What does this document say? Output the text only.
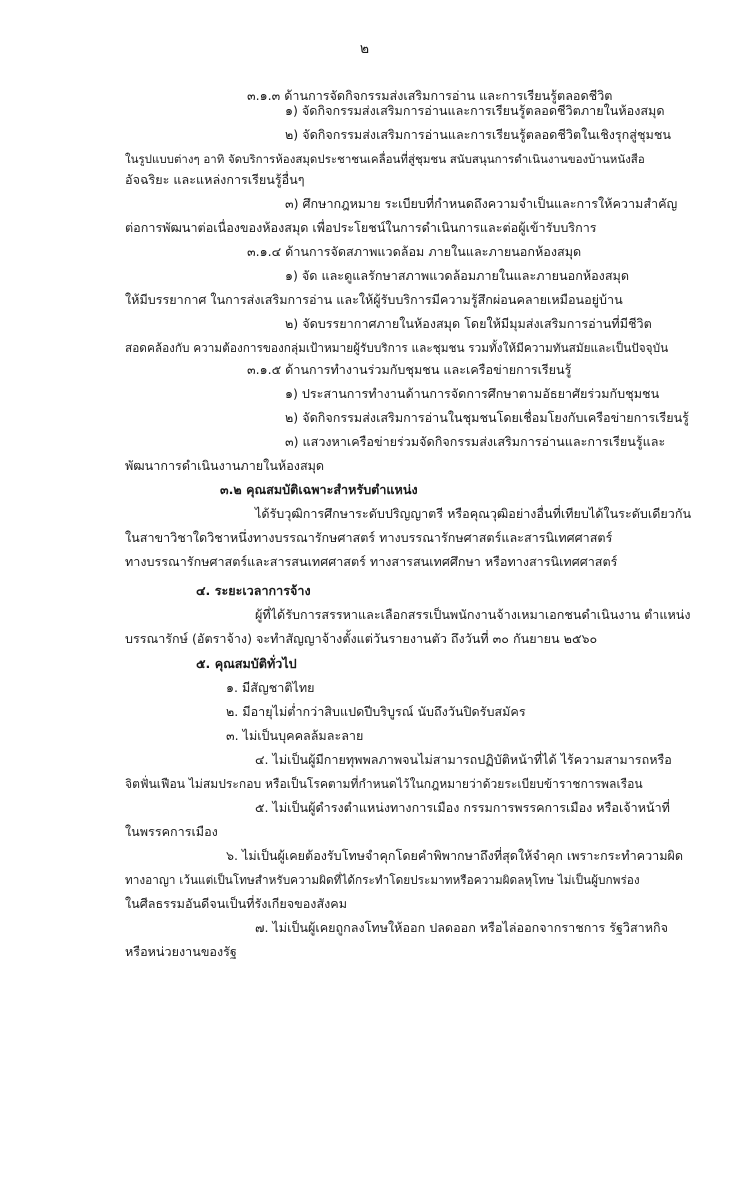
๒
๓.๑.๓ ด้านการจัดกิจกรรมส่งเสริมการอ่าน และการเรียนรู้ตลอดชีวิต
๑) จัดกิจกรรมส่งเสริมการอ่านและการเรียนรู้ตลอดชีวิตภายในห้องสมุด
๒) จัดกิจกรรมส่งเสริมการอ่านและการเรียนรู้ตลอดชีวิตในเชิงรุกสู่ชุมชน
ในรูปแบบต่างๆ อาทิ จัดบริการห้องสมุดประชาชนเคลื่อนที่สู่ชุมชน สนับสนุนการดำเนินงานของบ้านหนังสือ
อัจฉริยะ และแหล่งการเรียนรู้อื่นๆ
๓) ศึกษากฎหมาย ระเบียบที่กำหนดถึงความจำเป็นและการให้ความสำคัญ
ต่อการพัฒนาต่อเนื่องของห้องสมุด เพื่อประโยชน์ในการดำเนินการและต่อผู้เข้ารับบริการ
๓.๑.๔ ด้านการจัดสภาพแวดล้อม ภายในและภายนอกห้องสมุด
๑) จัด และดูแลรักษาสภาพแวดล้อมภายในและภายนอกห้องสมุด
ให้มีบรรยากาศ ในการส่งเสริมการอ่าน และให้ผู้รับบริการมีความรู้สึกผ่อนคลายเหมือนอยู่บ้าน
๒) จัดบรรยากาศภายในห้องสมุด โดยให้มีมุมส่งเสริมการอ่านที่มีชีวิต
สอดคล้องกับ ความต้องการของกลุ่มเป้าหมายผู้รับบริการ และชุมชน รวมทั้งให้มีความทันสมัยและเป็นปัจจุบัน
๓.๑.๕ ด้านการทำงานร่วมกับชุมชน และเครือข่ายการเรียนรู้
๑) ประสานการทำงานด้านการจัดการศึกษาตามอัธยาศัยร่วมกับชุมชน
๒) จัดกิจกรรมส่งเสริมการอ่านในชุมชนโดยเชื่อมโยงกับเครือข่ายการเรียนรู้
๓) แสวงหาเครือข่ายร่วมจัดกิจกรรมส่งเสริมการอ่านและการเรียนรู้และ
พัฒนาการดำเนินงานภายในห้องสมุด
๓.๒ คุณสมบัติเฉพาะสำหรับตำแหน่ง
ได้รับวุฒิการศึกษาระดับปริญญาตรี หรือคุณวุฒิอย่างอื่นที่เทียบได้ในระดับเดียวกัน
ในสาขาวิชาใดวิชาหนึ่งทางบรรณารักษศาสตร์ ทางบรรณารักษศาสตร์และสารนิเทศศาสตร์
ทางบรรณารักษศาสตร์และสารสนเทศศาสตร์ ทางสารสนเทศศึกษา หรือทางสารนิเทศศาสตร์
๔. ระยะเวลาการจ้าง
ผู้ที่ได้รับการสรรหาและเลือกสรรเป็นพนักงานจ้างเหมาเอกชนดำเนินงาน ตำแหน่ง
บรรณารักษ์ (อัตราจ้าง) จะทำสัญญาจ้างตั้งแต่วันรายงานตัว ถึงวันที่ ๓๐ กันยายน ๒๕๖๐
๕. คุณสมบัติทั่วไป
๑. มีสัญชาติไทย
๒. มีอายุไม่ต่ำกว่าสิบแปดปีบริบูรณ์ นับถึงวันปิดรับสมัคร
๓. ไม่เป็นบุคคลล้มละลาย
๔. ไม่เป็นผู้มีกายทุพพลภาพจนไม่สามารถปฏิบัติหน้าที่ได้ ไร้ความสามารถหรือ
จิตฟั่นเฟือน ไม่สมประกอบ หรือเป็นโรคตามที่กำหนดไว้ในกฎหมายว่าด้วยระเบียบข้าราชการพลเรือน
๕. ไม่เป็นผู้ดำรงตำแหน่งทางการเมือง กรรมการพรรคการเมือง หรือเจ้าหน้าที่
ในพรรคการเมือง
๖. ไม่เป็นผู้เคยต้องรับโทษจำคุกโดยคำพิพากษาถึงที่สุดให้จำคุก เพราะกระทำความผิด
ทางอาญา เว้นแต่เป็นโทษสำหรับความผิดที่ได้กระทำโดยประมาทหรือความผิดลหุโทษ ไม่เป็นผู้บกพร่อง
ในศีลธรรมอันดีจนเป็นที่รังเกียจของสังคม
๗. ไม่เป็นผู้เคยถูกลงโทษให้ออก ปลดออก หรือไล่ออกจากราชการ รัฐวิสาหกิจ
หรือหน่วยงานของรัฐ
